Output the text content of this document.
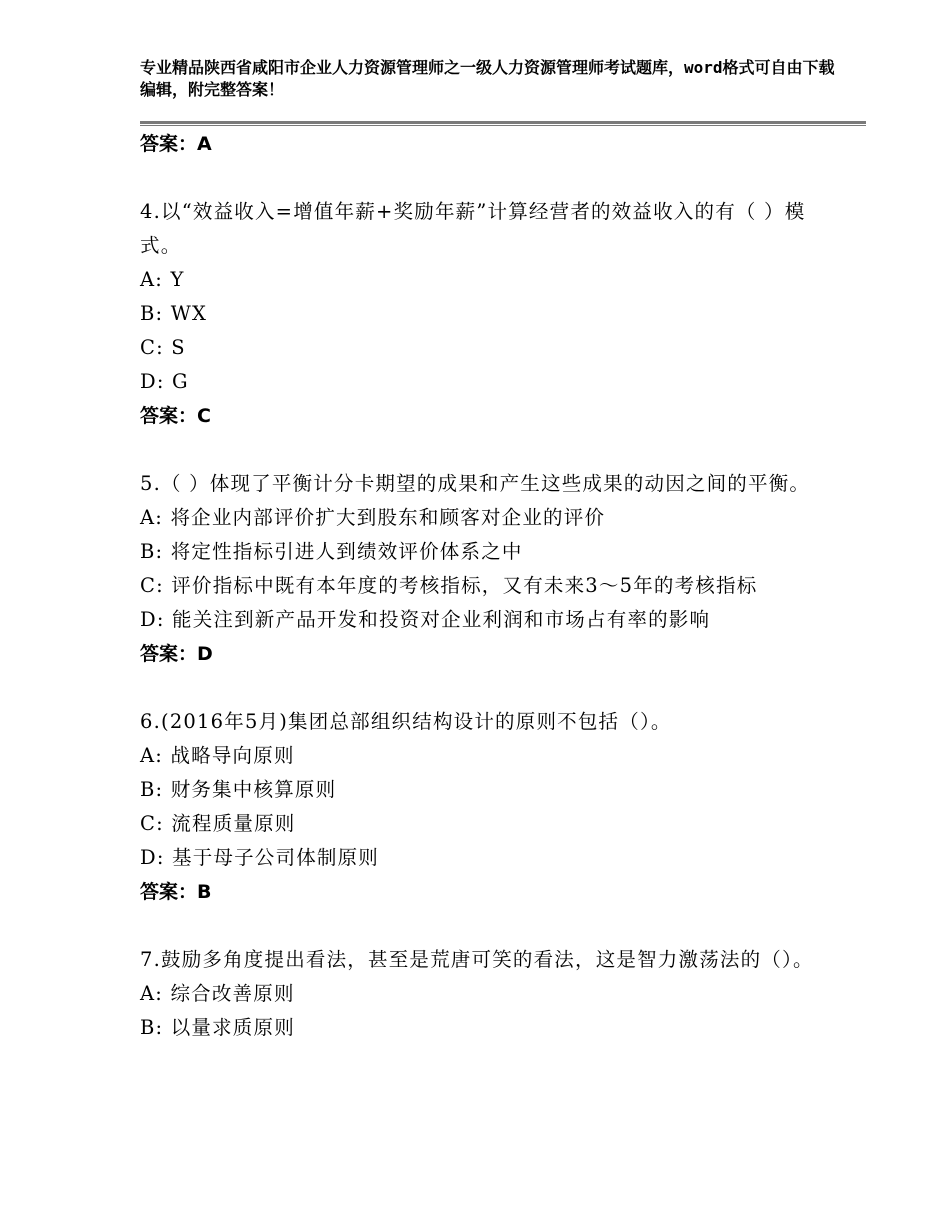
专业精品陕西省咸阳市企业人力资源管理师之一级人力资源管理师考试题库，word格式可自由下载编辑，附完整答案！
答案：A
4.以“效益收入=增值年薪+奖励年薪”计算经营者的效益收入的有（ ）模式。
A: Y
B: WX
C: S
D: G
答案：C
5.（ ）体现了平衡计分卡期望的成果和产生这些成果的动因之间的平衡。
A: 将企业内部评价扩大到股东和顾客对企业的评价
B: 将定性指标引进人到绩效评价体系之中
C: 评价指标中既有本年度的考核指标，又有未来3～5年的考核指标
D: 能关注到新产品开发和投资对企业利润和市场占有率的影响
答案：D
6.(2016年5月)集团总部组织结构设计的原则不包括（）。
A: 战略导向原则
B: 财务集中核算原则
C: 流程质量原则
D: 基于母子公司体制原则
答案：B
7.鼓励多角度提出看法，甚至是荒唐可笑的看法，这是智力激荡法的（）。
A: 综合改善原则
B: 以量求质原则
